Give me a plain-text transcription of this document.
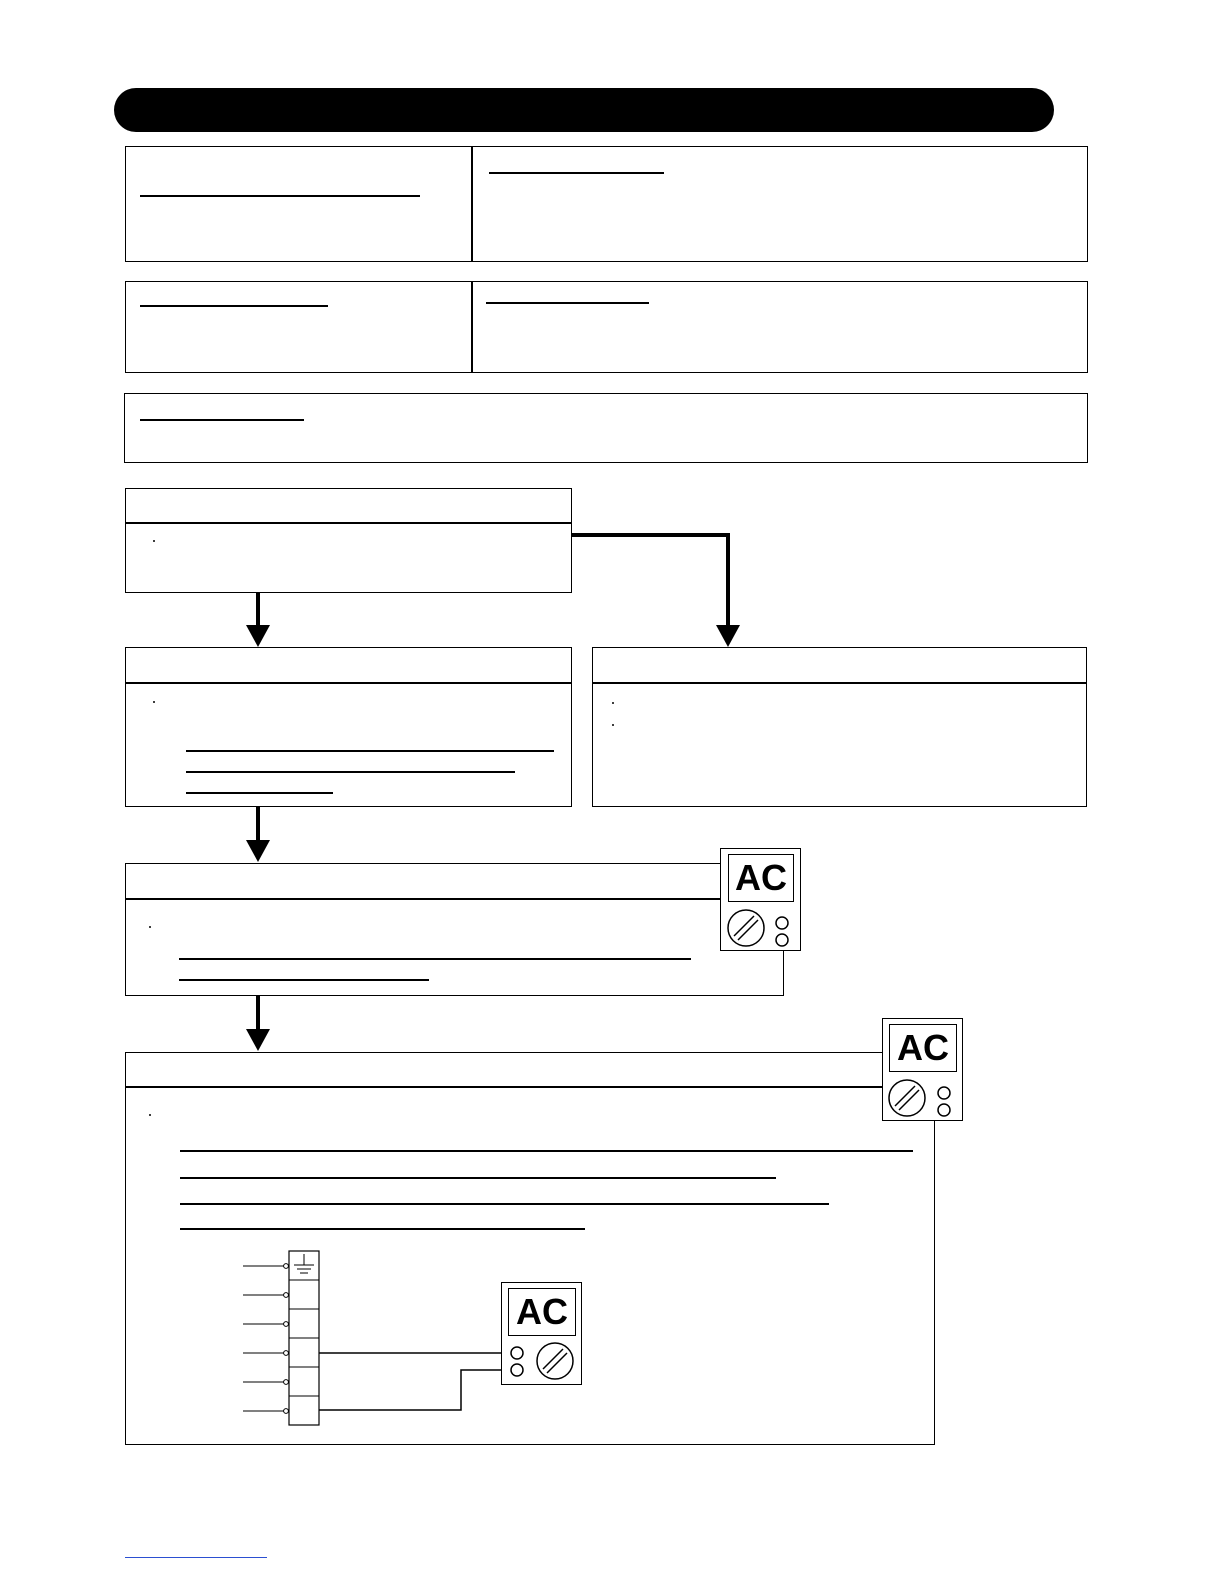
AC
AC
AC
